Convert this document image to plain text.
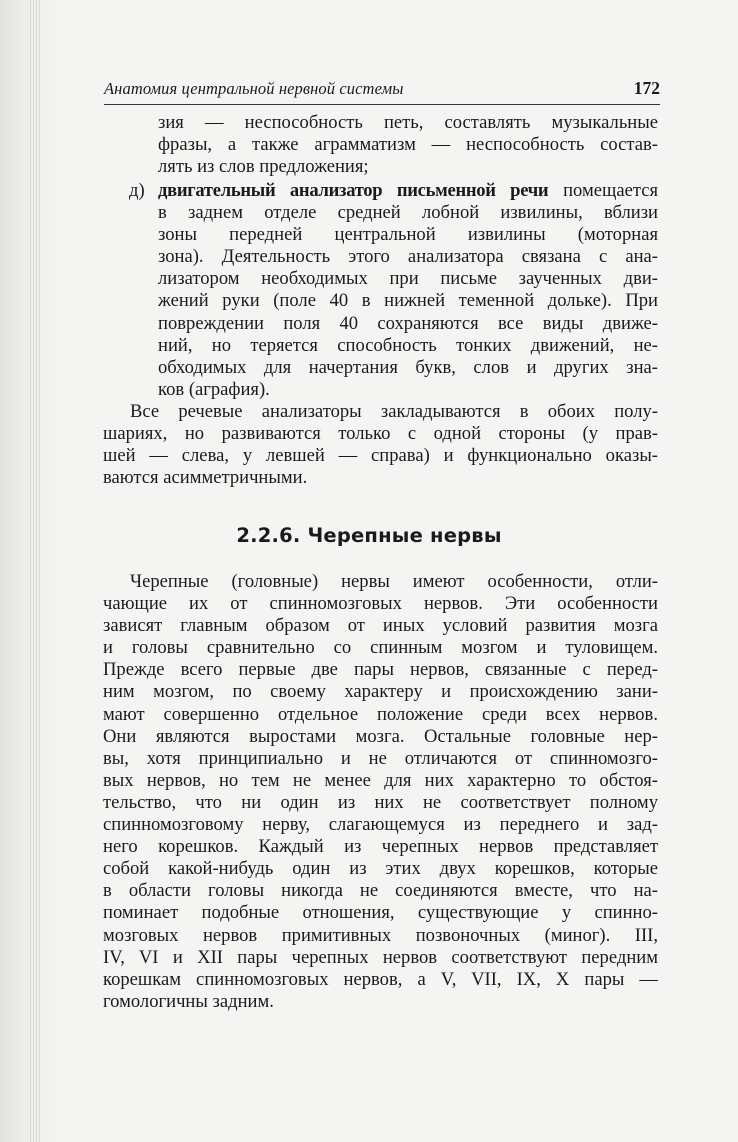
Анатомия центральной нервной системы	172

зия — неспособность петь, составлять музыкальные
фразы, а также аграмматизм — неспособность состав-
лять из слов предложения;

д) двигательный анализатор письменной речи помещается
в заднем отделе средней лобной извилины, вблизи
зоны передней центральной извилины (моторная
зона). Деятельность этого анализатора связана с ана-
лизатором необходимых при письме заученных дви-
жений руки (поле 40 в нижней теменной дольке). При
повреждении поля 40 сохраняются все виды движе-
ний, но теряется способность тонких движений, не-
обходимых для начертания букв, слов и других зна-
ков (аграфия).

Все речевые анализаторы закладываются в обоих полу-
шариях, но развиваются только с одной стороны (у прав-
шей — слева, у левшей — справа) и функционально оказы-
ваются асимметричными.

2.2.6. Черепные нервы

Черепные (головные) нервы имеют особенности, отли-
чающие их от спинномозговых нервов. Эти особенности
зависят главным образом от иных условий развития мозга
и головы сравнительно со спинным мозгом и туловищем.
Прежде всего первые две пары нервов, связанные с перед-
ним мозгом, по своему характеру и происхождению зани-
мают совершенно отдельное положение среди всех нервов.
Они являются выростами мозга. Остальные головные нер-
вы, хотя принципиально и не отличаются от спинномозго-
вых нервов, но тем не менее для них характерно то обстоя-
тельство, что ни один из них не соответствует полному
спинномозговому нерву, слагающемуся из переднего и зад-
него корешков. Каждый из черепных нервов представляет
собой какой-нибудь один из этих двух корешков, которые
в области головы никогда не соединяются вместе, что на-
поминает подобные отношения, существующие у спинно-
мозговых нервов примитивных позвоночных (миног). III,
IV, VI и XII пары черепных нервов соответствуют передним
корешкам спинномозговых нервов, а V, VII, IX, X пары —
гомологичны задним.
